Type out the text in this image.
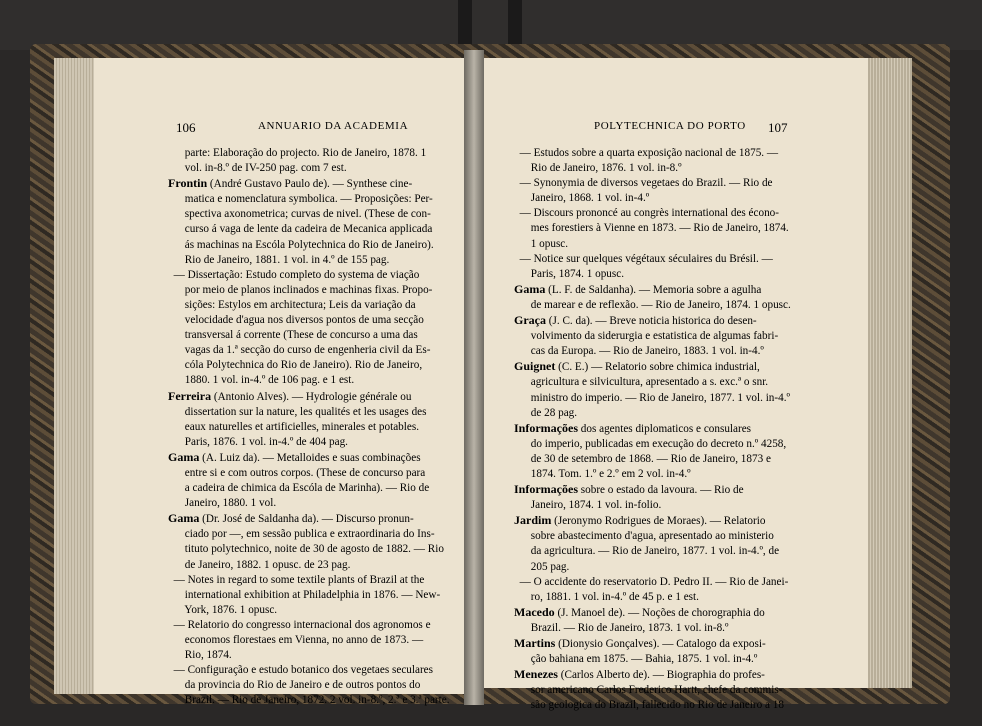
106	ANNUARIO DA ACADEMIA	POLYTECHNICA DO PORTO 107

parte: Elaboração do projecto. Rio de Janeiro, 1878. 1

vol. in-8.º de IV-250 pag. com 7 est.

Frontin (André Gustavo Paulo de). — Synthese cine-

matica e nomenclatura symbolica. — Proposições: Per-

spectiva axonometrica; curvas de nivel. (These de con-

curso á vaga de lente da cadeira de Mecanica applicada

ás machinas na Escóla Polytechnica do Rio de Janeiro).

Rio de Janeiro, 1881. 1 vol. in 4.º de 155 pag.

— Dissertação: Estudo completo do systema de viação

por meio de planos inclinados e machinas fixas. Propo-

sições: Estylos em architectura; Leis da variação da

velocidade d'agua nos diversos pontos de uma secção

transversal á corrente (These de concurso a uma das

vagas da 1.ª secção do curso de engenheria civil da Es-

cóla Polytechnica do Rio de Janeiro). Rio de Janeiro,

1880. 1 vol. in-4.º de 106 pag. e 1 est.

Ferreira (Antonio Alves). — Hydrologie générale ou

dissertation sur la nature, les qualités et les usages des

eaux naturelles et artificielles, minerales et potables.

Paris, 1876. 1 vol. in-4.º de 404 pag.

Gama (A. Luiz da). — Metalloides e suas combinações

entre si e com outros corpos. (These de concurso para

a cadeira de chimica da Escóla de Marinha). — Rio de

Janeiro, 1880. 1 vol.

Gama (Dr. José de Saldanha da). — Discurso pronun-

ciado por —, em sessão publica e extraordinaria do Ins-

tituto polytechnico, noite de 30 de agosto de 1882. — Rio

de Janeiro, 1882. 1 opusc. de 23 pag.

— Notes in regard to some textile plants of Brazil at the

international exhibition at Philadelphia in 1876. — New-

York, 1876. 1 opusc.

— Relatorio do congresso internacional dos agronomos e

economos florestaes em Vienna, no anno de 1873. —

Rio, 1874.

— Configuração e estudo botanico dos vegetaes seculares

da provincia do Rio de Janeiro e de outros pontos do

Brazil. — Rio de Janeiro, 1872. 2 vol. in-8.º, 2.ª e 3.ª parte.

— Estudos sobre a quarta exposição nacional de 1875. —

Rio de Janeiro, 1876. 1 vol. in-8.º

— Synonymia de diversos vegetaes do Brazil. — Rio de

Janeiro, 1868. 1 vol. in-4.º

— Discours prononcé au congrès international des écono-

mes forestiers à Vienne en 1873. — Rio de Janeiro, 1874.

1 opusc.

— Notice sur quelques végétaux séculaires du Brésil. —

Paris, 1874. 1 opusc.

Gama (L. F. de Saldanha). — Memoria sobre a agulha

de marear e de reflexão. — Rio de Janeiro, 1874. 1 opusc.

Graça (J. C. da). — Breve noticia historica do desen-

volvimento da siderurgia e estatistica de algumas fabri-

cas da Europa. — Rio de Janeiro, 1883. 1 vol. in-4.º

Guignet (C. E.) — Relatorio sobre chimica industrial,

agricultura e silvicultura, apresentado a s. exc.ª o snr.

ministro do imperio. — Rio de Janeiro, 1877. 1 vol. in-4.º

de 28 pag.

Informações dos agentes diplomaticos e consulares

do imperio, publicadas em execução do decreto n.º 4258,

de 30 de setembro de 1868. — Rio de Janeiro, 1873 e

1874. Tom. 1.º e 2.º em 2 vol. in-4.º

Informações sobre o estado da lavoura. — Rio de

Janeiro, 1874. 1 vol. in-folio.

Jardim (Jeronymo Rodrigues de Moraes). — Relatorio

sobre abastecimento d'agua, apresentado ao ministerio

da agricultura. — Rio de Janeiro, 1877. 1 vol. in-4.º, de

205 pag.

— O accidente do reservatorio D. Pedro II. — Rio de Janei-

ro, 1881. 1 vol. in-4.º de 45 p. e 1 est.

Macedo (J. Manoel de). — Noções de chorographia do

Brazil. — Rio de Janeiro, 1873. 1 vol. in-8.º

Martins (Dionysio Gonçalves). — Catalogo da exposi-

ção bahiana em 1875. — Bahia, 1875. 1 vol. in-4.º

Menezes (Carlos Alberto de). — Biographia do profes-

sor americano Carlos Frederico Hartt, chefe da commis-

são geologica do Brazil, fallecido no Rio de Janeiro a 18
